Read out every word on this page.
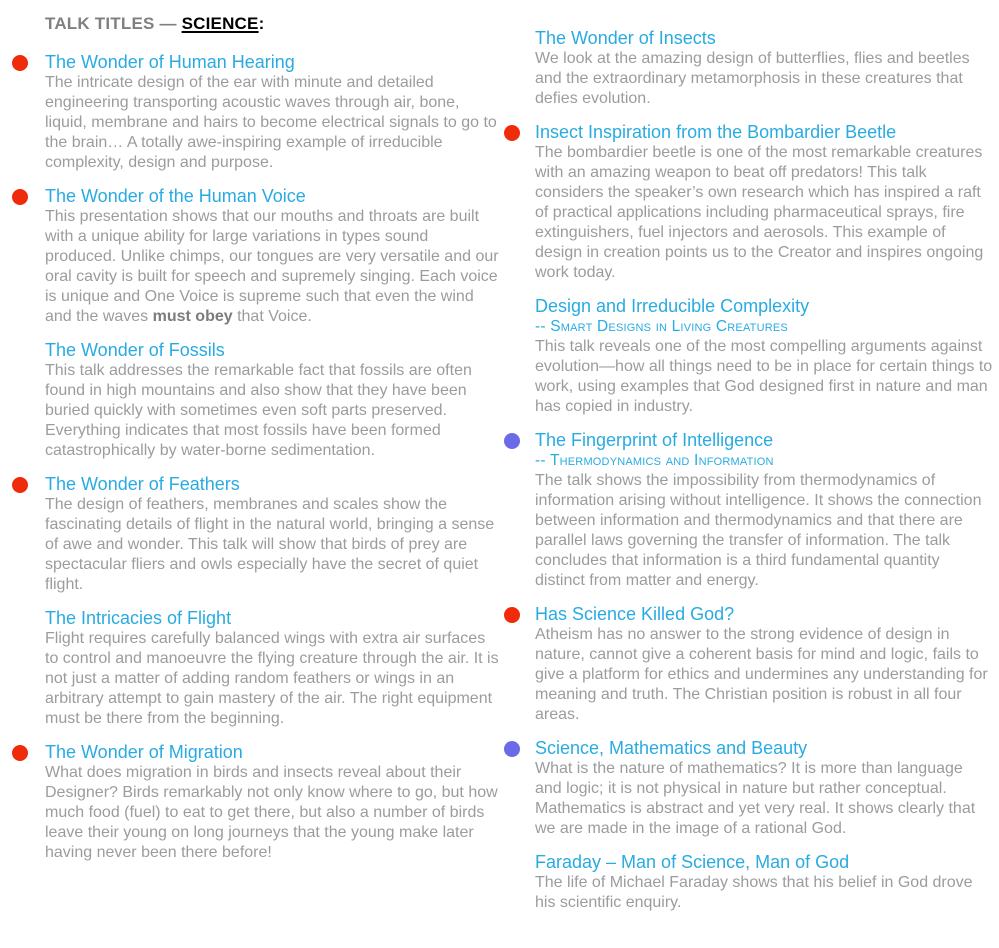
TALK TITLES — SCIENCE:
The Wonder of Human Hearing
The intricate design of the ear with minute and detailed engineering transporting acoustic waves through air, bone, liquid, membrane and hairs to become electrical signals to go to the brain… A totally awe-inspiring example of irreducible complexity, design and purpose.
The Wonder of the Human Voice
This presentation shows that our mouths and throats are built with a unique ability for large variations in types sound produced. Unlike chimps, our tongues are very versatile and our oral cavity is built for speech and supremely singing. Each voice is unique and One Voice is supreme such that even the wind and the waves must obey that Voice.
The Wonder of Fossils
This talk addresses the remarkable fact that fossils are often found in high mountains and also show that they have been buried quickly with sometimes even soft parts preserved. Everything indicates that most fossils have been formed catastrophically by water-borne sedimentation.
The Wonder of Feathers
The design of feathers, membranes and scales show the fascinating details of flight in the natural world, bringing a sense of awe and wonder. This talk will show that birds of prey are spectacular fliers and owls especially have the secret of quiet flight.
The Intricacies of Flight
Flight requires carefully balanced wings with extra air surfaces to control and manoeuvre the flying creature through the air. It is not just a matter of adding random feathers or wings in an arbitrary attempt to gain mastery of the air. The right equipment must be there from the beginning.
The Wonder of Migration
What does migration in birds and insects reveal about their Designer? Birds remarkably not only know where to go, but how much food (fuel) to eat to get there, but also a number of birds leave their young on long journeys that the young make later having never been there before!
The Wonder of Insects
We look at the amazing design of butterflies, flies and beetles and the extraordinary metamorphosis in these creatures that defies evolution.
Insect Inspiration from the Bombardier Beetle
The bombardier beetle is one of the most remarkable creatures with an amazing weapon to beat off predators! This talk considers the speaker’s own research which has inspired a raft of practical applications including pharmaceutical sprays, fire extinguishers, fuel injectors and aerosols. This example of design in creation points us to the Creator and inspires ongoing work today.
Design and Irreducible Complexity
-- Smart Designs in Living Creatures
This talk reveals one of the most compelling arguments against evolution—how all things need to be in place for certain things to work, using examples that God designed first in nature and man has copied in industry.
The Fingerprint of Intelligence
-- Thermodynamics and Information
The talk shows the impossibility from thermodynamics of information arising without intelligence. It shows the connection between information and thermodynamics and that there are parallel laws governing the transfer of information. The talk concludes that information is a third fundamental quantity distinct from matter and energy.
Has Science Killed God?
Atheism has no answer to the strong evidence of design in nature, cannot give a coherent basis for mind and logic, fails to give a platform for ethics and undermines any understanding for meaning and truth. The Christian position is robust in all four areas.
Science, Mathematics and Beauty
What is the nature of mathematics? It is more than language and logic; it is not physical in nature but rather conceptual. Mathematics is abstract and yet very real. It shows clearly that we are made in the image of a rational God.
Faraday – Man of Science, Man of God
The life of Michael Faraday shows that his belief in God drove his scientific enquiry.
